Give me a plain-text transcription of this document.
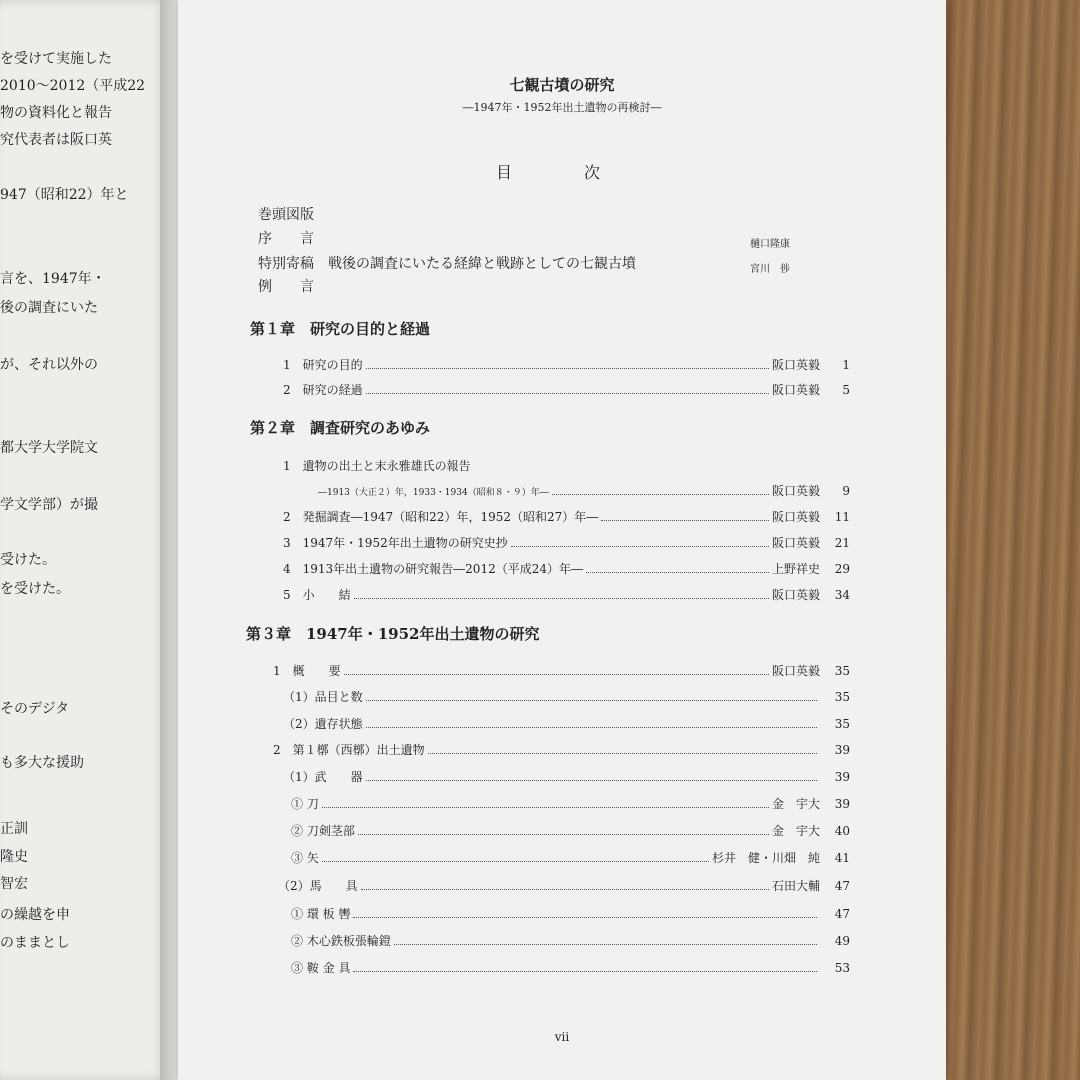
を受けて実施した
2010～2012（平成22
物の資料化と報告
究代表者は阪口英
947（昭和22）年と
言を、1947年・
後の調査にいた
が、それ以外の
都大学大学院文
学文学部）が撮
受けた。
を受けた。
そのデジタ
も多大な援助
正訓
隆史
智宏
の繰越を申
のままとし
七観古墳の研究
―1947年・1952年出土遺物の再検討―
目　次
巻頭図版
序　　言	樋口隆康
特別寄稿　戦後の調査にいたる経緯と戦跡としての七観古墳	宮川　徏
例　　言
第１章　研究の目的と経過
1　研究の目的	阪口英毅	1
2　研究の経過	阪口英毅	5
第２章　調査研究のあゆみ
1　遺物の出土と末永雅雄氏の報告
―1913（大正２）年，1933・1934（昭和８・９）年―	阪口英毅	9
2　発掘調査―1947（昭和22）年，1952（昭和27）年―	阪口英毅	11
3　1947年・1952年出土遺物の研究史抄	阪口英毅	21
4　1913年出土遺物の研究報告―2012（平成24）年―	上野祥史	29
5　小　　結	阪口英毅	34
第３章　1947年・1952年出土遺物の研究
1　概　　要	阪口英毅	35
（1）品目と数	35
（2）遺存状態	35
2　第１槨（西槨）出土遺物	39
（1）武　　器	39
① 刀	金　宇大	39
② 刀剣茎部	金　宇大	40
③ 矢	杉井　健・川畑　純	41
（2）馬　　具	石田大輔	47
① 環 板 轡	47
② 木心鉄板張輪鐙	49
③ 鞍 金 具	53
vii
